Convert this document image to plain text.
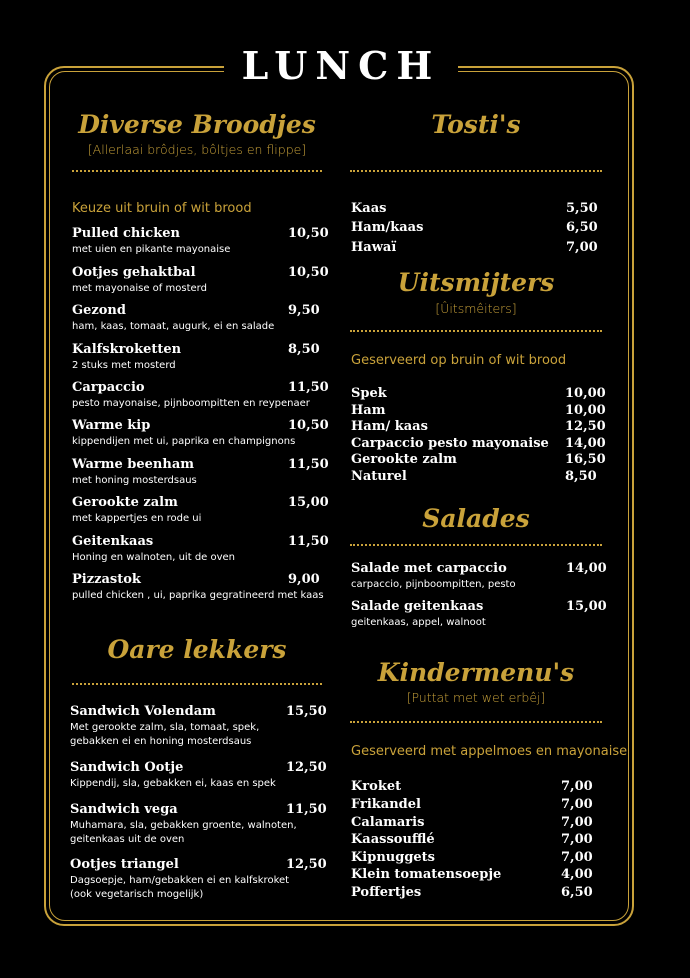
LUNCH
Diverse Broodjes
[Allerlaai brôdjes, bôltjes en flippe]
Keuze uit bruin of wit brood
Pulled chicken	10,50
met uien en pikante mayonaise
Ootjes gehaktbal	10,50
met mayonaise of mosterd
Gezond	9,50
ham, kaas, tomaat, augurk, ei en salade
Kalfskroketten	8,50
2 stuks met mosterd
Carpaccio	11,50
pesto mayonaise, pijnboompitten en reypenaer
Warme kip	10,50
kippendijen met ui, paprika en champignons
Warme beenham	11,50
met honing mosterdsaus
Gerookte zalm	15,00
met kappertjes en rode ui
Geitenkaas	11,50
Honing en walnoten, uit de oven
Pizzastok	9,00
pulled chicken , ui, paprika gegratineerd met kaas
Oare lekkers
Sandwich Volendam	15,50
Met gerookte zalm, sla, tomaat, spek,
gebakken ei en honing mosterdsaus
Sandwich Ootje	12,50
Kippendij, sla, gebakken ei, kaas en spek
Sandwich vega	11,50
Muhamara, sla, gebakken groente, walnoten,
geitenkaas uit de oven
Ootjes triangel	12,50
Dagsoepje, ham/gebakken ei en kalfskroket
(ook vegetarisch mogelijk)
Tosti's
Kaas	5,50
Ham/kaas	6,50
Hawaï	7,00
Uitsmijters
[Ûitsmêiters]
Geserveerd op bruin of wit brood
Spek	10,00
Ham	10,00
Ham/ kaas	12,50
Carpaccio pesto mayonaise 14,00
Gerookte zalm	16,50
Naturel	8,50
Salades
Salade met carpaccio	14,00
carpaccio, pijnboompitten, pesto
Salade geitenkaas	15,00
geitenkaas, appel, walnoot
Kindermenu's
[Puttat met wet erbêj]
Geserveerd met appelmoes en mayonaise
Kroket	7,00
Frikandel	7,00
Calamaris	7,00
Kaassoufflé	7,00
Kipnuggets	7,00
Klein tomatensoepje	4,00
Poffertjes	6,50
